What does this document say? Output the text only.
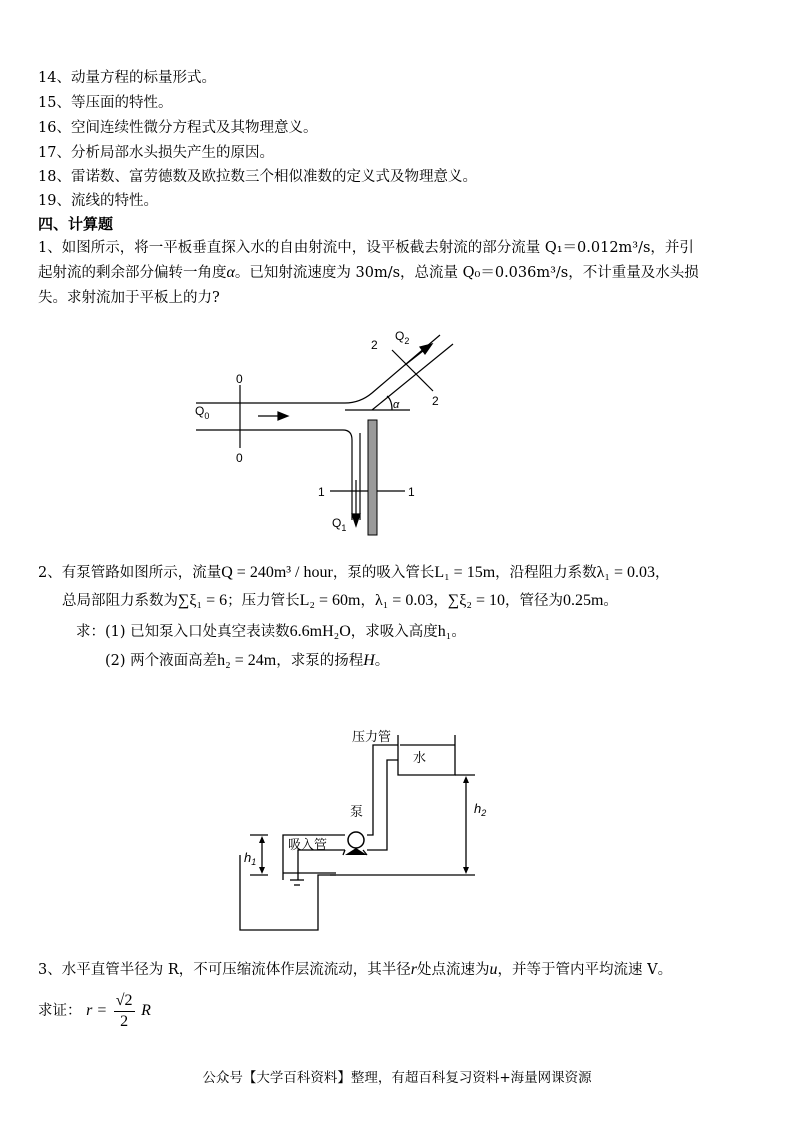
14、动量方程的标量形式。
15、等压面的特性。
16、空间连续性微分方程式及其物理意义。
17、分析局部水头损失产生的原因。
18、雷诺数、富劳德数及欧拉数三个相似准数的定义式及物理意义。
19、流线的特性。
四、计算题
1、如图所示，将一平板垂直探入水的自由射流中，设平板截去射流的部分流量 Q₁＝0.012m³/s，并引
起射流的剩余部分偏转一角度α。已知射流速度为 30m/s，总流量 Q₀＝0.036m³/s，不计重量及水头损
失。求射流加于平板上的力?
$Q_0$
0
0
1	1
$Q_1$
2
2
$Q_2$
α
2、有泵管路如图所示，流量Q = 240m³ / hour，泵的吸入管长L₁ = 15m，沿程阻力系数λ₁ = 0.03，
总局部阻力系数为∑ξ₁ = 6；压力管长L₂ = 60m，λ₁ = 0.03，∑ξ₂ = 10，管径为0.25m。
求：(1) 已知泵入口处真空表读数6.6mH₂O，求吸入高度h₁。
(2) 两个液面高差h₂ = 24m，求泵的扬程H。
压力管
水
泵
吸入管
$h_1$
$h_2$
3、水平直管半径为 R，不可压缩流体作层流流动，其半径r处点流速为u，并等于管内平均流速 V。
求证： $r = \frac{√2}{2}$ R
公众号【大学百科资料】整理，有超百科复习资料+海量网课资源
